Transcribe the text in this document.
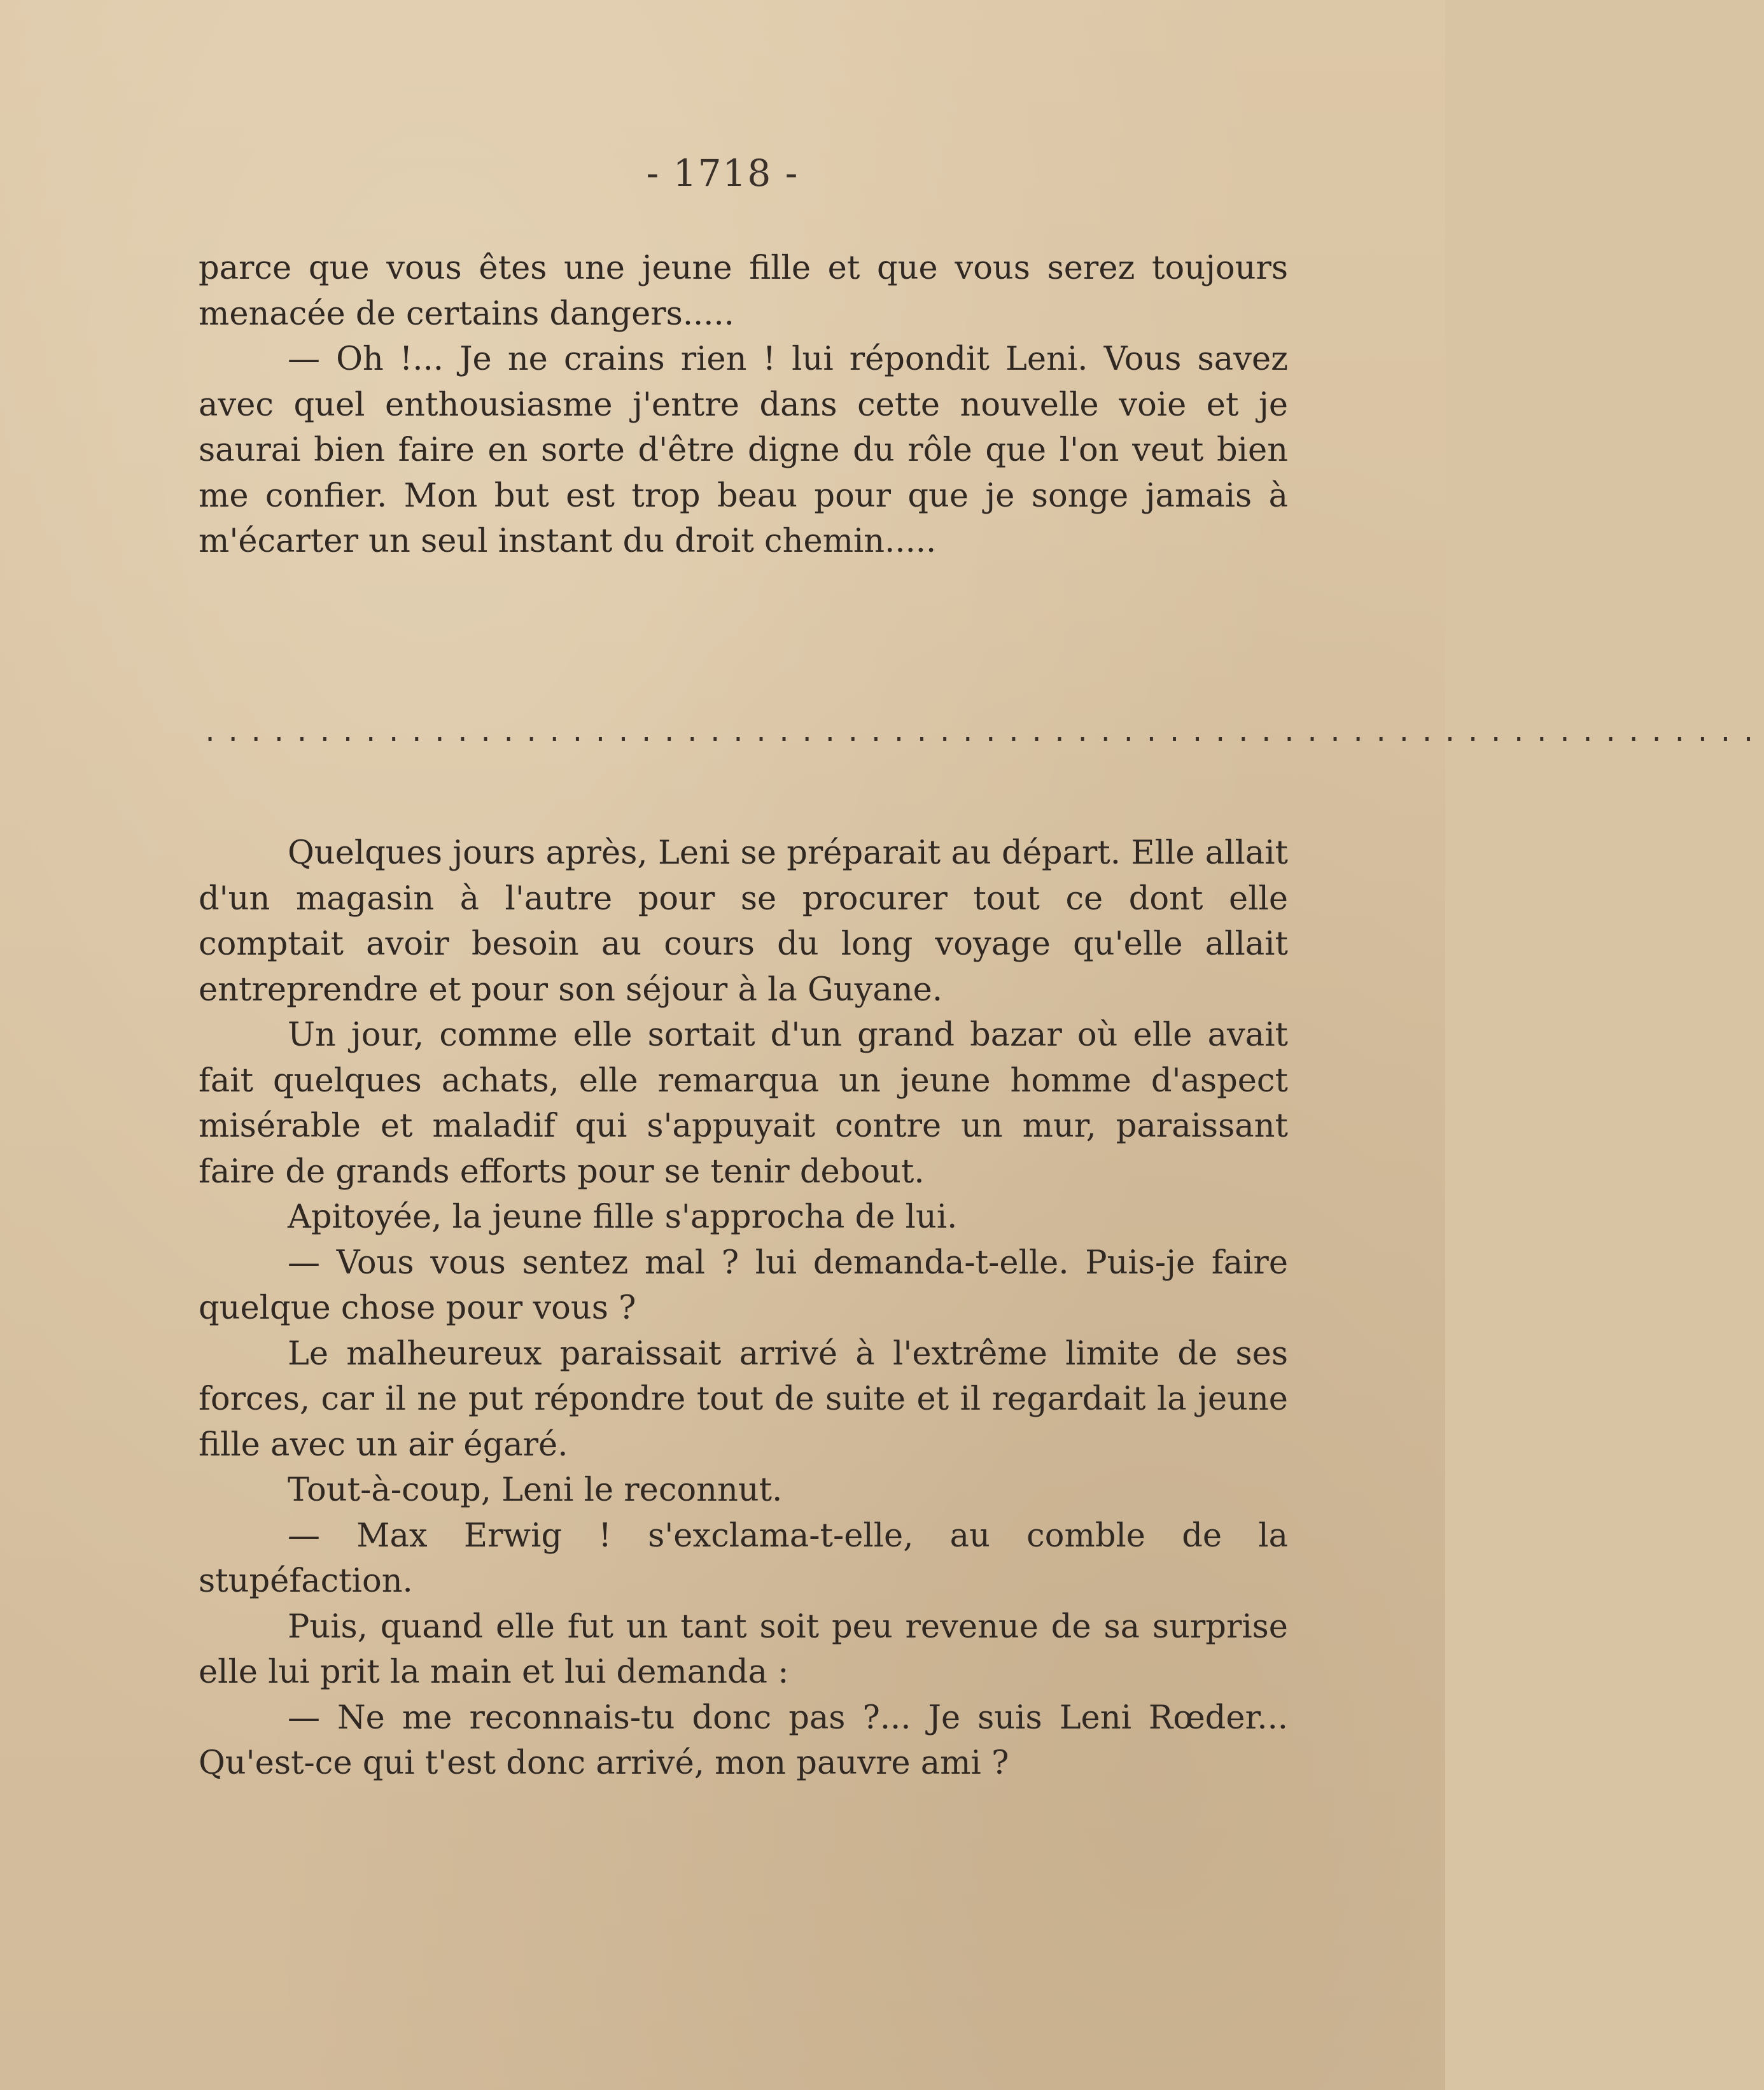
- 1718 -

parce que vous êtes une jeune fille et que vous serez toujours menacée de certains dangers.....

— Oh !... Je ne crains rien ! lui répondit Leni. Vous savez avec quel enthousiasme j'entre dans cette nouvelle voie et je saurai bien faire en sorte d'être digne du rôle que l'on veut bien me confier. Mon but est trop beau pour que je songe jamais à m'écarter un seul instant du droit chemin.....

....................................................................

Quelques jours après, Leni se préparait au départ. Elle allait d'un magasin à l'autre pour se procurer tout ce dont elle comptait avoir besoin au cours du long voyage qu'elle allait entreprendre et pour son séjour à la Guyane.

Un jour, comme elle sortait d'un grand bazar où elle avait fait quelques achats, elle remarqua un jeune homme d'aspect misérable et maladif qui s'appuyait contre un mur, paraissant faire de grands efforts pour se tenir debout.

Apitoyée, la jeune fille s'approcha de lui.

— Vous vous sentez mal ? lui demanda-t-elle. Puis-je faire quelque chose pour vous ?

Le malheureux paraissait arrivé à l'extrême limite de ses forces, car il ne put répondre tout de suite et il regardait la jeune fille avec un air égaré.

Tout-à-coup, Leni le reconnut.

— Max Erwig ! s'exclama-t-elle, au comble de la stupéfaction.

Puis, quand elle fut un tant soit peu revenue de sa surprise elle lui prit la main et lui demanda :

— Ne me reconnais-tu donc pas ?... Je suis Leni Rœder... Qu'est-ce qui t'est donc arrivé, mon pauvre ami ?
